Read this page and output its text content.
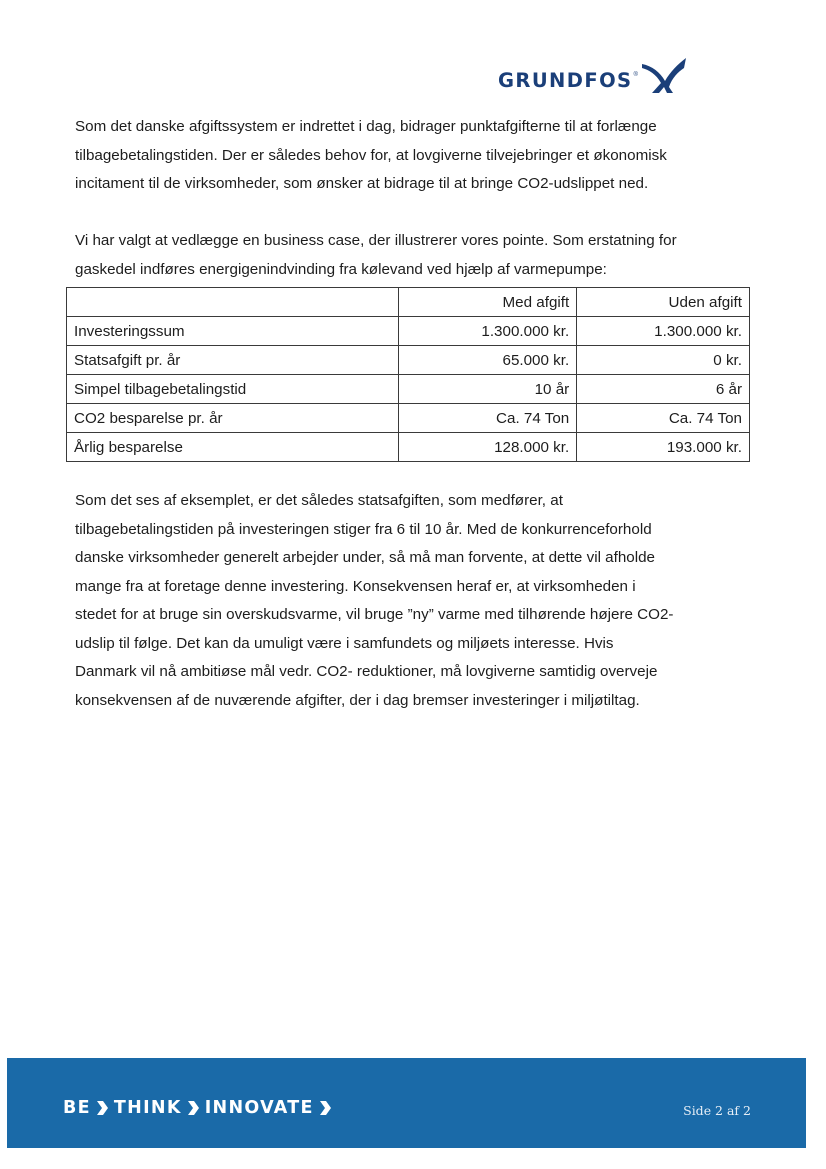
GRUNDFOS ®
Som det danske afgiftssystem er indrettet i dag, bidrager punktafgifterne til at forlænge
tilbagebetalingstiden. Der er således behov for, at lovgiverne tilvejebringer et økonomisk
incitament til de virksomheder, som ønsker at bidrage til at bringe CO2-udslippet ned.
Vi har valgt at vedlægge en business case, der illustrerer vores pointe. Som erstatning for
gaskedel indføres energigenindvinding fra kølevand ved hjælp af varmepumpe:
	Med afgift	Uden afgift
Investeringssum	1.300.000 kr.	1.300.000 kr.
Statsafgift pr. år	65.000 kr.	0 kr.
Simpel tilbagebetalingstid	10 år	6 år
CO2 besparelse pr. år	Ca. 74 Ton	Ca. 74 Ton
Årlig besparelse	128.000 kr.	193.000 kr.
Som det ses af eksemplet, er det således statsafgiften, som medfører, at
tilbagebetalingstiden på investeringen stiger fra 6 til 10 år. Med de konkurrenceforhold
danske virksomheder generelt arbejder under, så må man forvente, at dette vil afholde
mange fra at foretage denne investering. Konsekvensen heraf er, at virksomheden i
stedet for at bruge sin overskudsvarme, vil bruge ”ny” varme med tilhørende højere CO2-
udslip til følge. Det kan da umuligt være i samfundets og miljøets interesse. Hvis
Danmark vil nå ambitiøse mål vedr. CO2- reduktioner, må lovgiverne samtidig overveje
konsekvensen af de nuværende afgifter, der i dag bremser investeringer i miljøtiltag.
BE THINK INNOVATE	Side 2 af 2
